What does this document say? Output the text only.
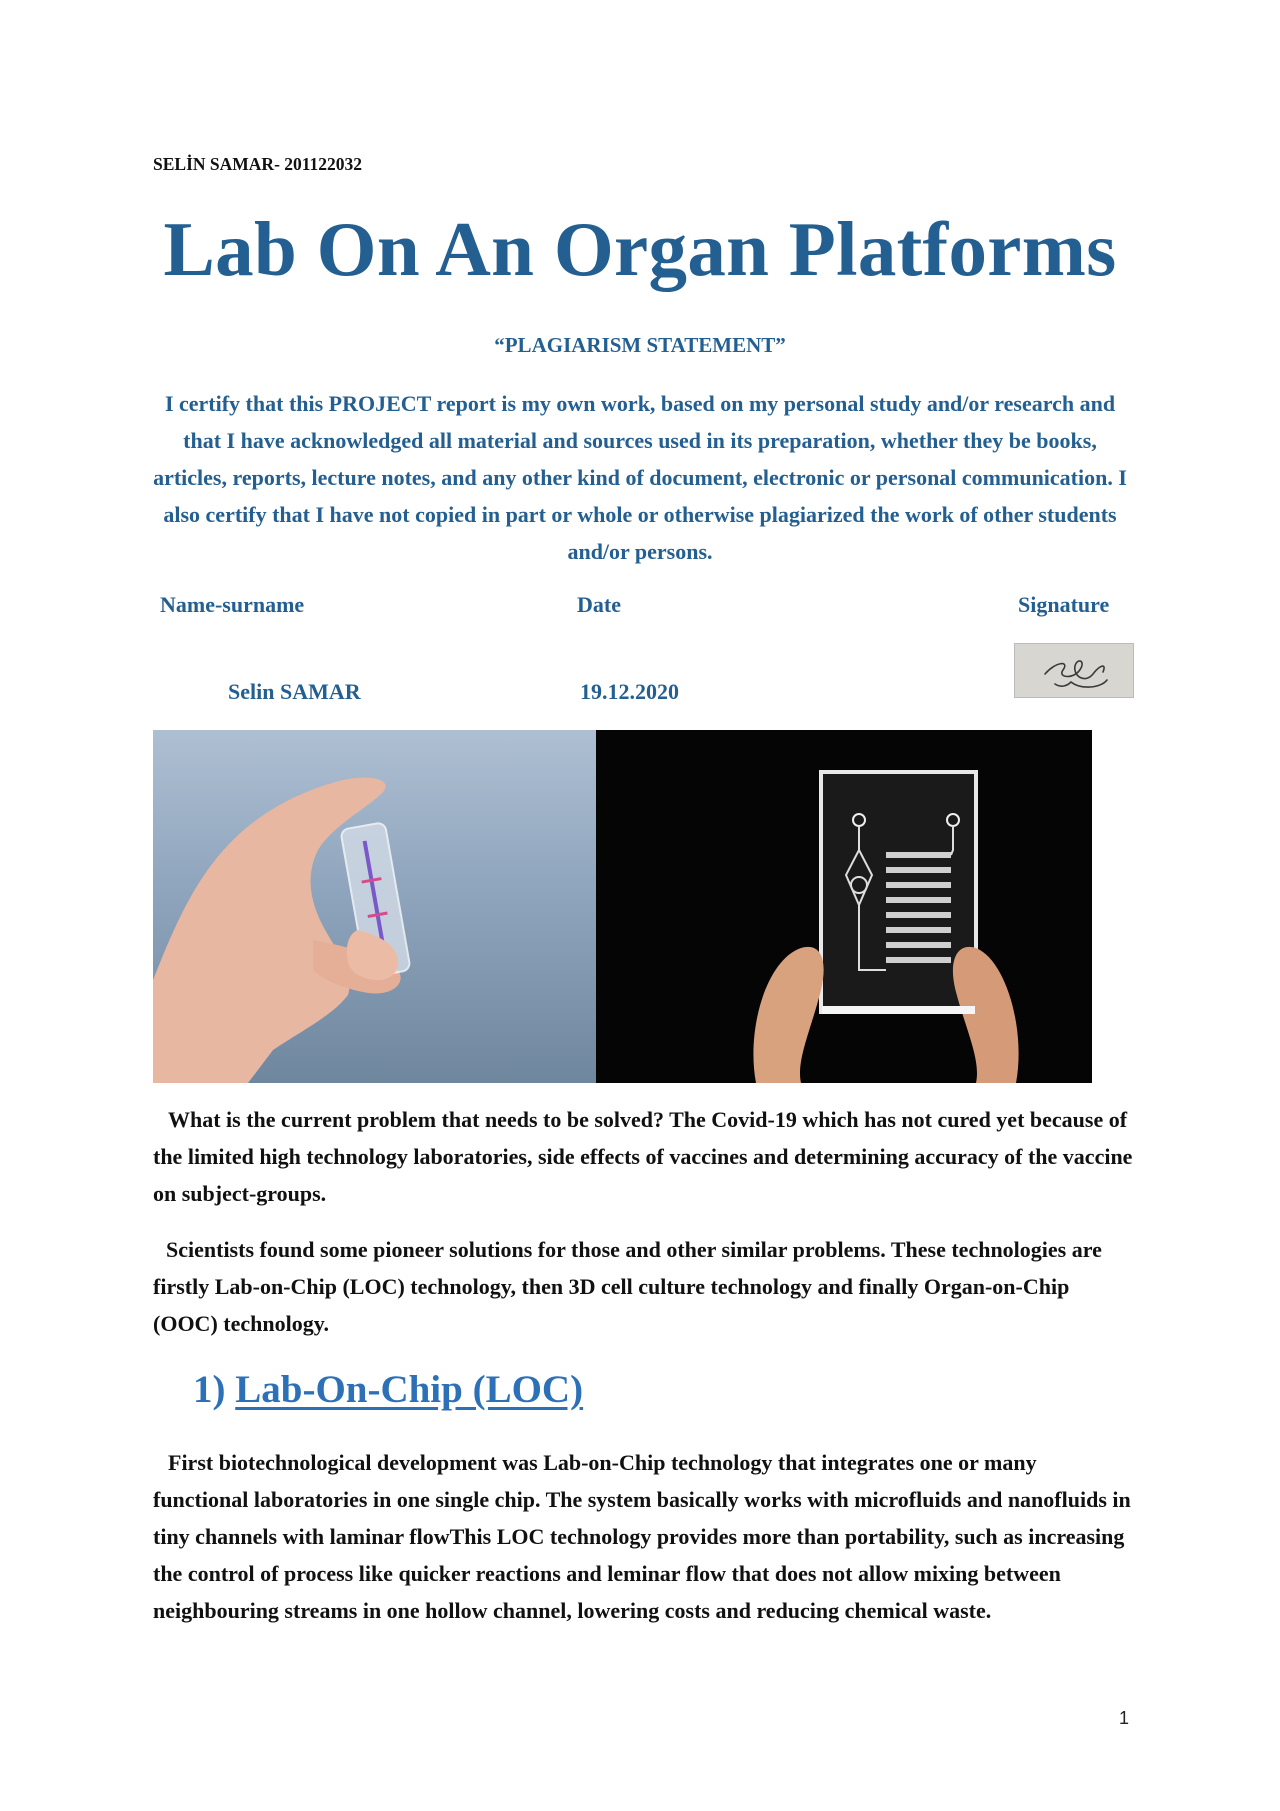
SELİN SAMAR- 201122032
Lab On An Organ Platforms
“PLAGIARISM STATEMENT”
I certify that this PROJECT report is my own work, based on my personal study and/or research and that I have acknowledged all material and sources used in its preparation, whether they be books, articles, reports, lecture notes, and any other kind of document, electronic or personal communication. I also certify that I have not copied in part or whole or otherwise plagiarized the work of other students and/or persons.
Name-surname	Date	Signature
Selin SAMAR	19.12.2020
What is the current problem that needs to be solved? The Covid-19 which has not cured yet because of the limited high technology laboratories, side effects of vaccines and determining accuracy of the vaccine on subject-groups.
Scientists found some pioneer solutions for those and other similar problems. These technologies are firstly Lab-on-Chip (LOC) technology, then 3D cell culture technology and finally Organ-on-Chip (OOC) technology.
1) Lab-On-Chip (LOC)
First biotechnological development was Lab-on-Chip technology that integrates one or many functional laboratories in one single chip. The system basically works with microfluids and nanofluids in tiny channels with laminar flowThis LOC technology provides more than portability, such as increasing the control of process like quicker reactions and leminar flow that does not allow mixing between neighbouring streams in one hollow channel, lowering costs and reducing chemical waste.
1
